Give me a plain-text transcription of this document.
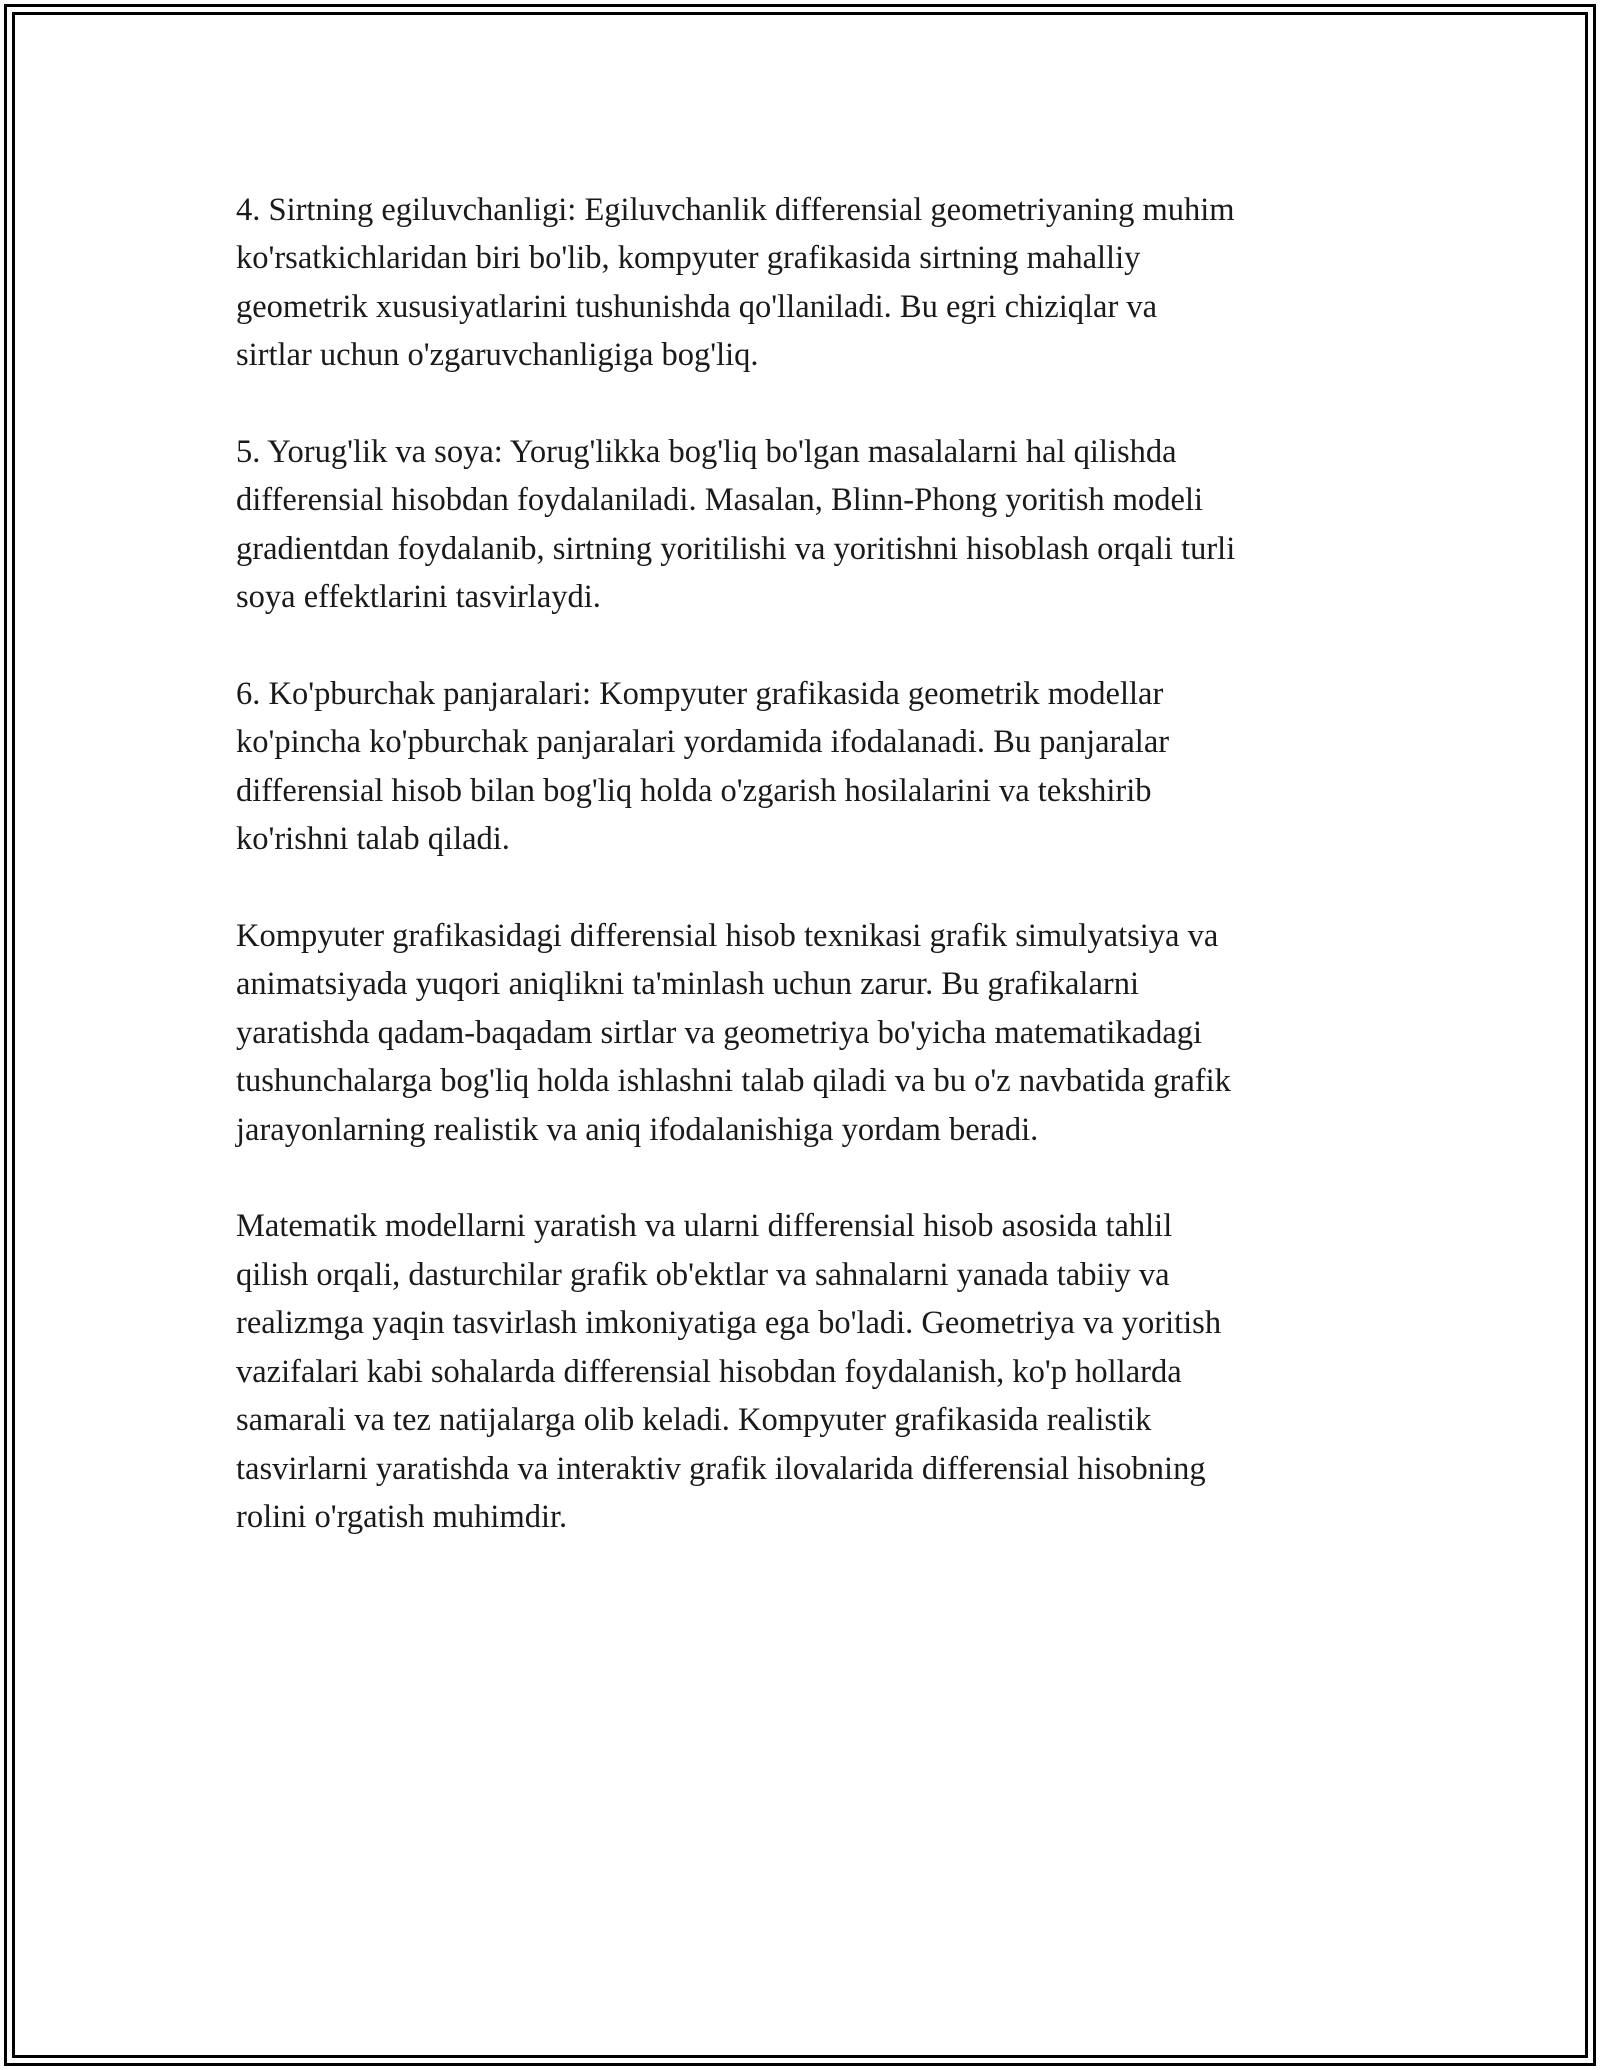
4. Sirtning egiluvchanligi: Egiluvchanlik differensial geometriyaning muhim
ko'rsatkichlaridan biri bo'lib, kompyuter grafikasida sirtning mahalliy
geometrik xususiyatlarini tushunishda qo'llaniladi. Bu egri chiziqlar va
sirtlar uchun o'zgaruvchanligiga bog'liq.

5. Yorug'lik va soya: Yorug'likka bog'liq bo'lgan masalalarni hal qilishda
differensial hisobdan foydalaniladi. Masalan, Blinn-Phong yoritish modeli
gradientdan foydalanib, sirtning yoritilishi va yoritishni hisoblash orqali turli
soya effektlarini tasvirlaydi.

6. Ko'pburchak panjaralari: Kompyuter grafikasida geometrik modellar
ko'pincha ko'pburchak panjaralari yordamida ifodalanadi. Bu panjaralar
differensial hisob bilan bog'liq holda o'zgarish hosilalarini va tekshirib
ko'rishni talab qiladi.

Kompyuter grafikasidagi differensial hisob texnikasi grafik simulyatsiya va
animatsiyada yuqori aniqlikni ta'minlash uchun zarur. Bu grafikalarni
yaratishda qadam-baqadam sirtlar va geometriya bo'yicha matematikadagi
tushunchalarga bog'liq holda ishlashni talab qiladi va bu o'z navbatida grafik
jarayonlarning realistik va aniq ifodalanishiga yordam beradi.

Matematik modellarni yaratish va ularni differensial hisob asosida tahlil
qilish orqali, dasturchilar grafik ob'ektlar va sahnalarni yanada tabiiy va
realizmga yaqin tasvirlash imkoniyatiga ega bo'ladi. Geometriya va yoritish
vazifalari kabi sohalarda differensial hisobdan foydalanish, ko'p hollarda
samarali va tez natijalarga olib keladi. Kompyuter grafikasida realistik
tasvirlarni yaratishda va interaktiv grafik ilovalarida differensial hisobning
rolini o'rgatish muhimdir.
